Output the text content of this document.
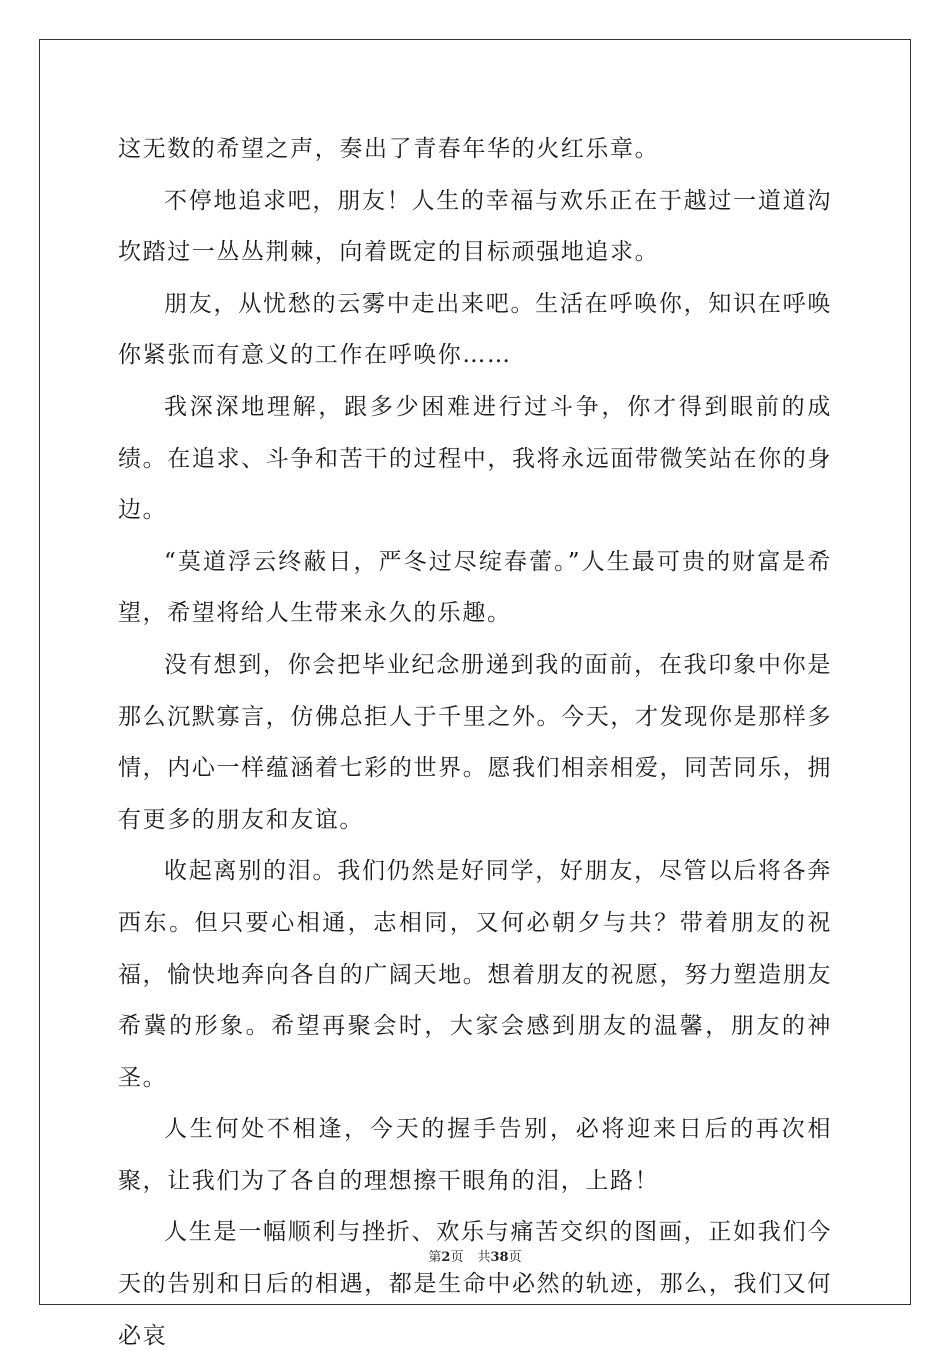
这无数的希望之声，奏出了青春年华的火红乐章。

不停地追求吧，朋友！人生的幸福与欢乐正在于越过一道道沟坎踏过一丛丛荆棘，向着既定的目标顽强地追求。

朋友，从忧愁的云雾中走出来吧。生活在呼唤你，知识在呼唤你紧张而有意义的工作在呼唤你……

我深深地理解，跟多少困难进行过斗争，你才得到眼前的成绩。在追求、斗争和苦干的过程中，我将永远面带微笑站在你的身边。

“莫道浮云终蔽日，严冬过尽绽春蕾。”人生最可贵的财富是希望，希望将给人生带来永久的乐趣。

没有想到，你会把毕业纪念册递到我的面前，在我印象中你是那么沉默寡言，仿佛总拒人于千里之外。今天，才发现你是那样多情，内心一样蕴涵着七彩的世界。愿我们相亲相爱，同苦同乐，拥有更多的朋友和友谊。

收起离别的泪。我们仍然是好同学，好朋友，尽管以后将各奔西东。但只要心相通，志相同，又何必朝夕与共？带着朋友的祝福，愉快地奔向各自的广阔天地。想着朋友的祝愿，努力塑造朋友希冀的形象。希望再聚会时，大家会感到朋友的温馨，朋友的神圣。

人生何处不相逢，今天的握手告别，必将迎来日后的再次相聚，让我们为了各自的理想擦干眼角的泪，上路！

人生是一幅顺利与挫折、欢乐与痛苦交织的图画，正如我们今天的告别和日后的相遇，都是生命中必然的轨迹，那么，我们又何必哀

第2页 共38页
